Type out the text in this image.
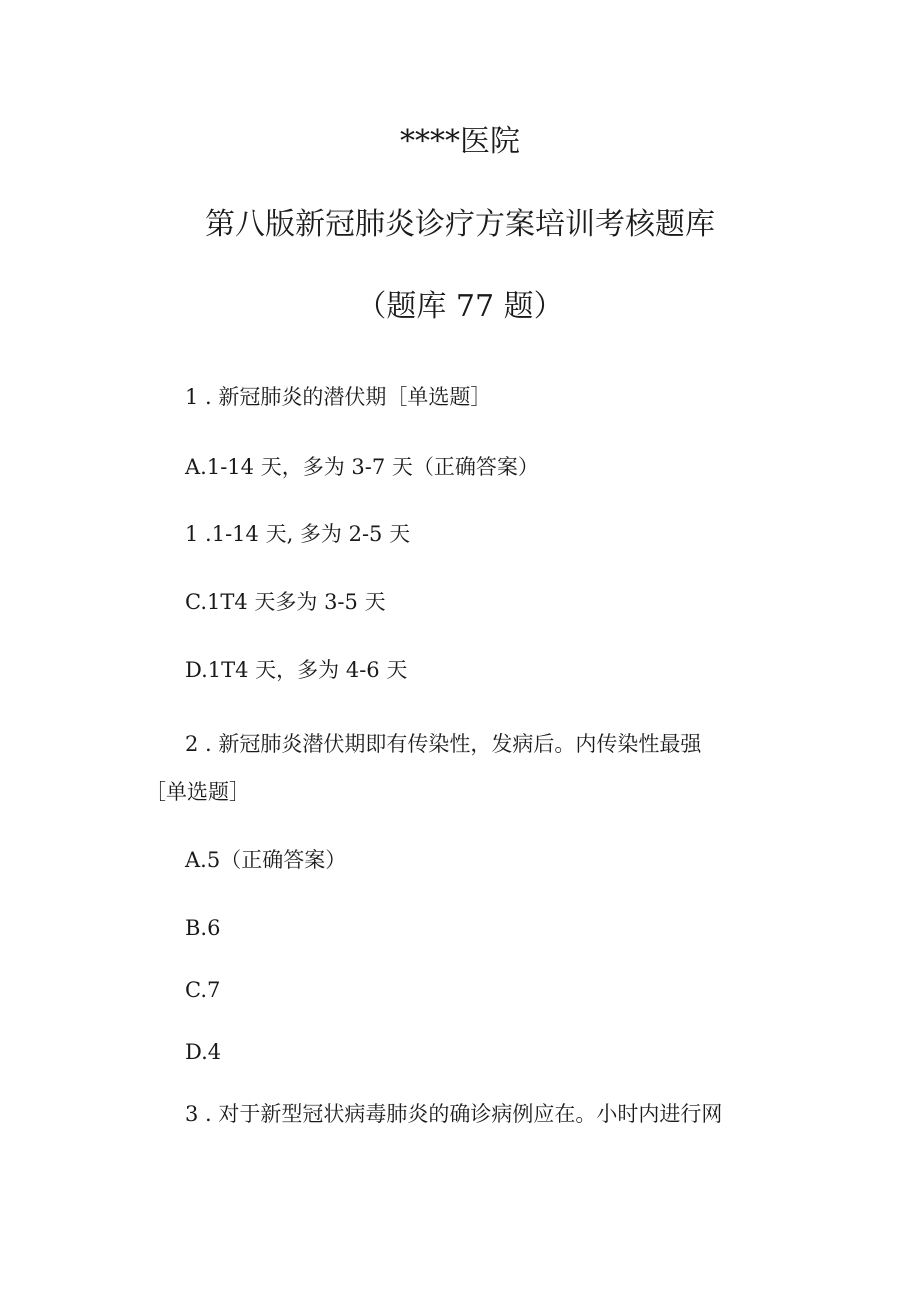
****医院
第八版新冠肺炎诊疗方案培训考核题库
（题库 77 题）
1 . 新冠肺炎的潜伏期［单选题］
A.1-14 天，多为 3-7 天（正确答案）
1 .1-14 天, 多为 2-5 天
C.1T4 天多为 3-5 天
D.1T4 天，多为 4-6 天
2 . 新冠肺炎潜伏期即有传染性，发病后。内传染性最强
［单选题］
A.5（正确答案）
B.6
C.7
D.4
3 . 对于新型冠状病毒肺炎的确诊病例应在。小时内进行网
